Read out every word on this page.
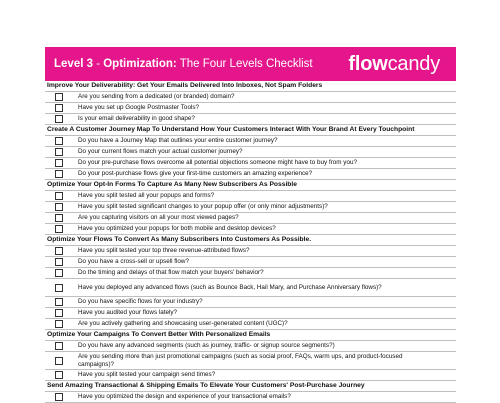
Level 3 - Optimization: The Four Levels Checklist flowcandy
Improve Your Deliverability: Get Your Emails Delivered Into Inboxes, Not Spam Folders
Are you sending from a dedicated (or branded) domain?
Have you set up Google Postmaster Tools?
Is your email deliverability in good shape?
Create A Customer Journey Map To Understand How Your Customers Interact With Your Brand At Every Touchpoint
Do you have a Journey Map that outlines your entire customer journey?
Do your current flows match your actual customer journey?
Do your pre-purchase flows overcome all potential objections someone might have to buy from you?
Do your post-purchase flows give your first-time customers an amazing experience?
Optimize Your Opt-In Forms To Capture As Many New Subscribers As Possible
Have you split tested all your popups and forms?
Have you split tested significant changes to your popup offer (or only minor adjustments)?
Are you capturing visitors on all your most viewed pages?
Have you optimized your popups for both mobile and desktop devices?
Optimize Your Flows To Convert As Many Subscribers Into Customers As Possible.
Have you split tested your top three revenue-attributed flows?
Do you have a cross-sell or upsell flow?
Do the timing and delays of that flow match your buyers' behavior?
Have you deployed any advanced flows (such as Bounce Back, Hail Mary, and Purchase Anniversary flows)?
Do you have specific flows for your industry?
Have you audited your flows lately?
Are you actively gathering and showcasing user-generated content (UGC)?
Optimize Your Campaigns To Convert Better With Personalized Emails
Do you have any advanced segments (such as journey, traffic- or signup source segments?)
Are you sending more than just promotional campaigns (such as social proof, FAQs, warm ups, and product-focused campaigns)?
Have you split tested your campaign send times?
Send Amazing Transactional & Shipping Emails To Elevate Your Customers' Post-Purchase Journey
Have you optimized the design and experience of your transactional emails?
